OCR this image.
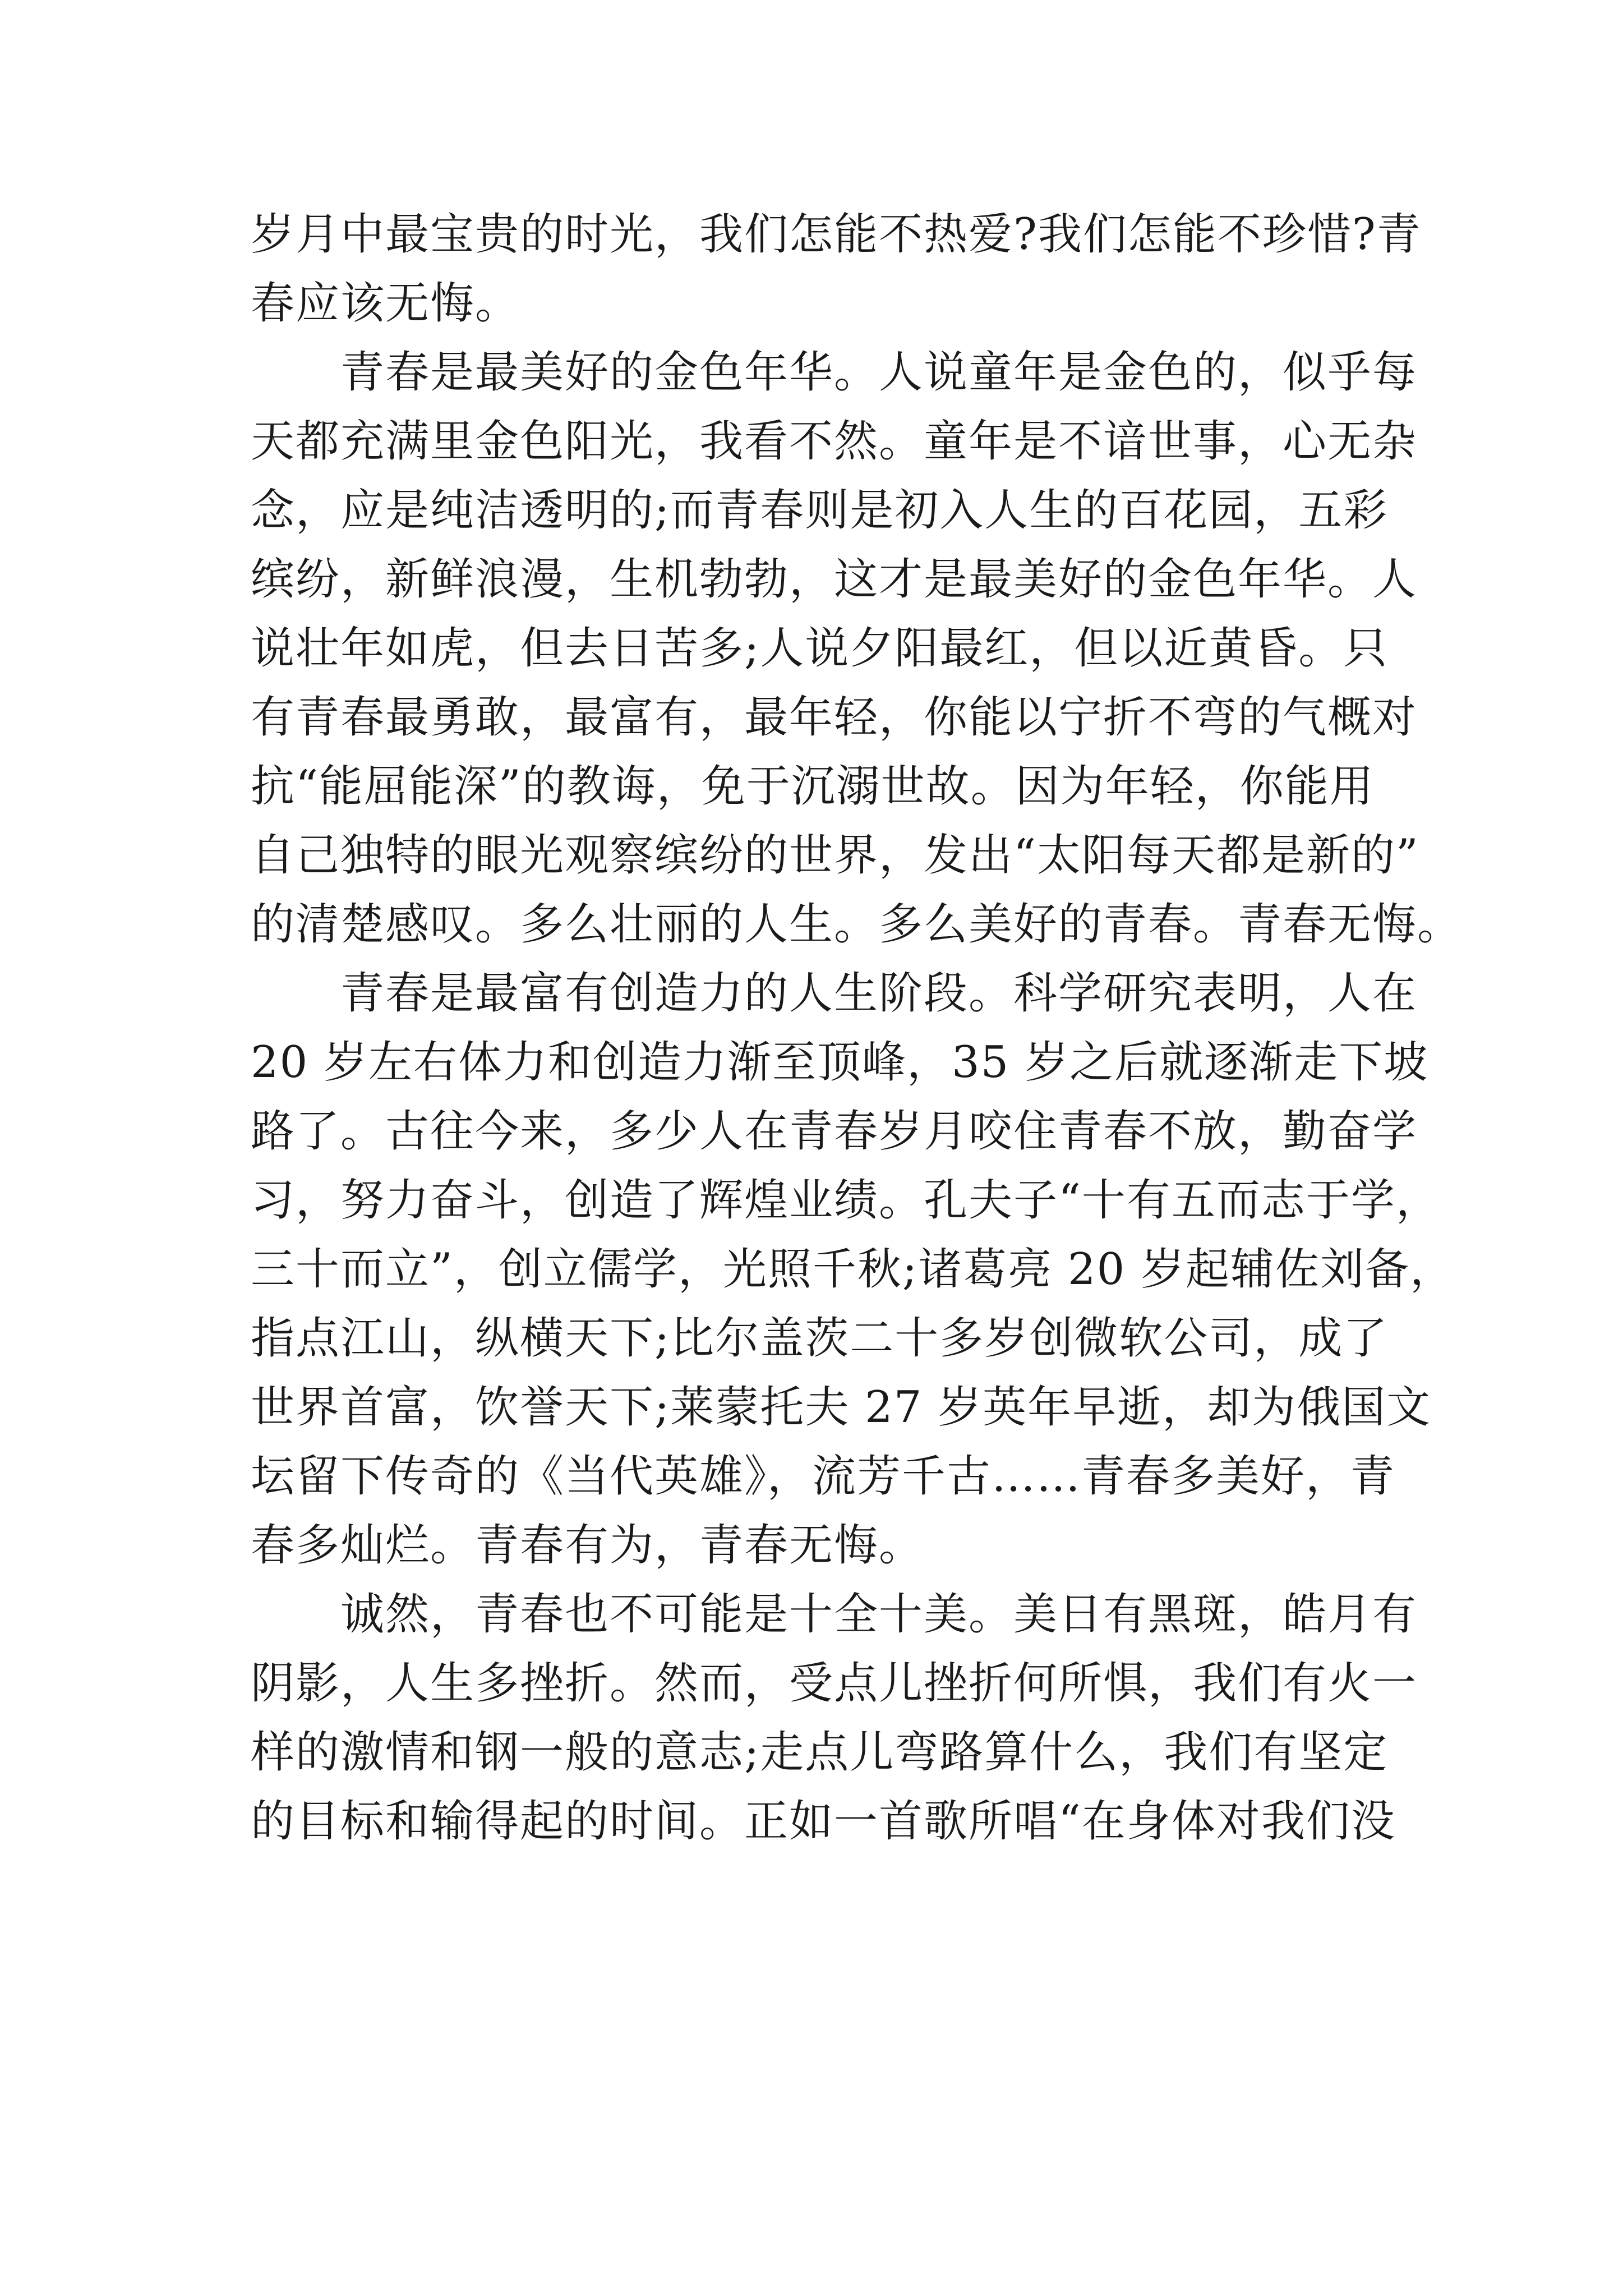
岁月中最宝贵的时光，我们怎能不热爱?我们怎能不珍惜?青
春应该无悔。
青春是最美好的金色年华。人说童年是金色的，似乎每
天都充满里金色阳光，我看不然。童年是不谙世事，心无杂
念，应是纯洁透明的;而青春则是初入人生的百花园，五彩
缤纷，新鲜浪漫，生机勃勃，这才是最美好的金色年华。人
说壮年如虎，但去日苦多;人说夕阳最红，但以近黄昏。只
有青春最勇敢，最富有，最年轻，你能以宁折不弯的气概对
抗“能屈能深”的教诲，免于沉溺世故。因为年轻，你能用
自己独特的眼光观察缤纷的世界，发出“太阳每天都是新的”
的清楚感叹。多么壮丽的人生。多么美好的青春。青春无悔。
青春是最富有创造力的人生阶段。科学研究表明，人在
20 岁左右体力和创造力渐至顶峰，35 岁之后就逐渐走下坡
路了。古往今来，多少人在青春岁月咬住青春不放，勤奋学
习，努力奋斗，创造了辉煌业绩。孔夫子“十有五而志于学，
三十而立”，创立儒学，光照千秋;诸葛亮 20 岁起辅佐刘备，
指点江山，纵横天下;比尔盖茨二十多岁创微软公司，成了
世界首富，饮誉天下;莱蒙托夫 27 岁英年早逝，却为俄国文
坛留下传奇的《当代英雄》，流芳千古……青春多美好，青
春多灿烂。青春有为，青春无悔。
诚然，青春也不可能是十全十美。美日有黑斑，皓月有
阴影，人生多挫折。然而，受点儿挫折何所惧，我们有火一
样的激情和钢一般的意志;走点儿弯路算什么，我们有坚定
的目标和输得起的时间。正如一首歌所唱“在身体对我们没
